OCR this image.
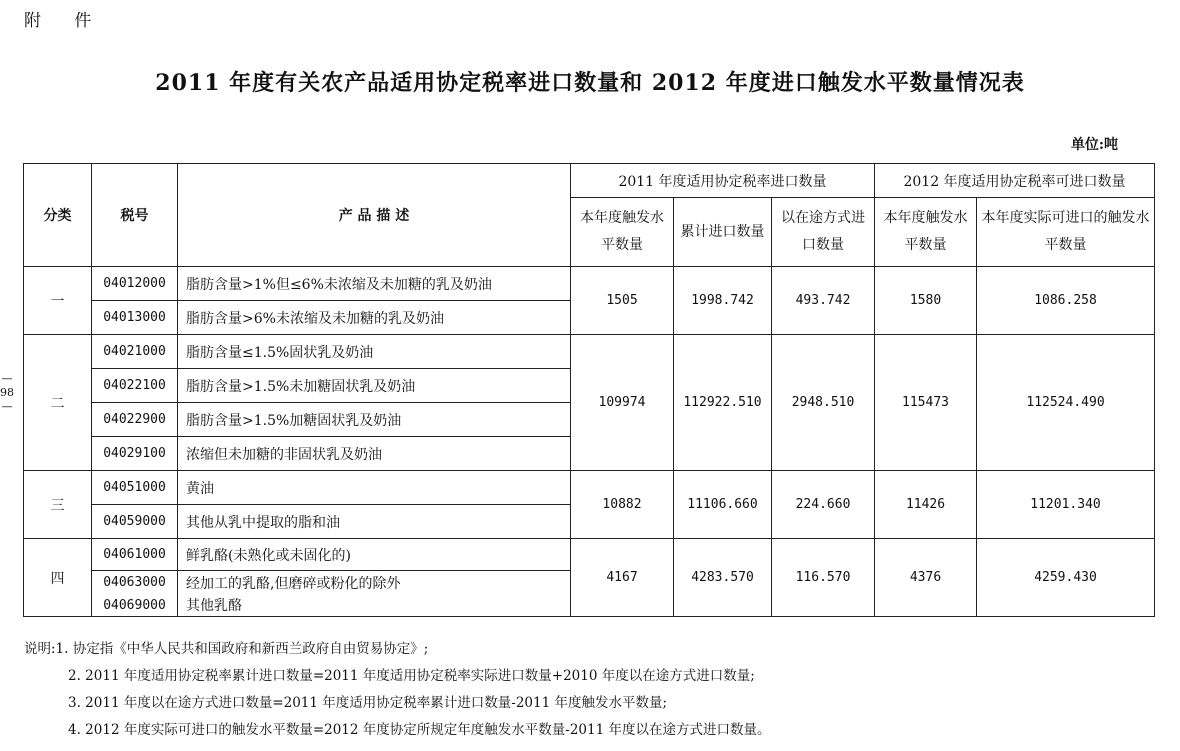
附 件
2011 年度有关农产品适用协定税率进口数量和 2012 年度进口触发水平数量情况表
单位:吨
— 98 —
分类	税号	产 品 描 述	2011 年度适用协定税率进口数量			2012 年度适用协定税率可进口数量	
			本年度触发水平数量	累计进口数量	以在途方式进口数量	本年度触发水平数量	本年度实际可进口的触发水平数量
一	04012000	脂肪含量>1%但≤6%未浓缩及未加糖的乳及奶油	1505	1998.742	493.742	1580	1086.258
	04013000	脂肪含量>6%未浓缩及未加糖的乳及奶油					
二	04021000	脂肪含量≤1.5%固状乳及奶油	109974	112922.510	2948.510	115473	112524.490
	04022100	脂肪含量>1.5%未加糖固状乳及奶油					
	04022900	脂肪含量>1.5%加糖固状乳及奶油					
	04029100	浓缩但未加糖的非固状乳及奶油					
三	04051000	黄油	10882	11106.660	224.660	11426	11201.340
	04059000	其他从乳中提取的脂和油					
四	04061000	鲜乳酪(未熟化或未固化的)	4167	4283.570	116.570	4376	4259.430
	04063000	经加工的乳酪,但磨碎或粉化的除外					
	04069000	其他乳酪					
说明:1. 协定指《中华人民共和国政府和新西兰政府自由贸易协定》;
2. 2011 年度适用协定税率累计进口数量=2011 年度适用协定税率实际进口数量+2010 年度以在途方式进口数量;
3. 2011 年度以在途方式进口数量=2011 年度适用协定税率累计进口数量-2011 年度触发水平数量;
4. 2012 年度实际可进口的触发水平数量=2012 年度协定所规定年度触发水平数量-2011 年度以在途方式进口数量。
